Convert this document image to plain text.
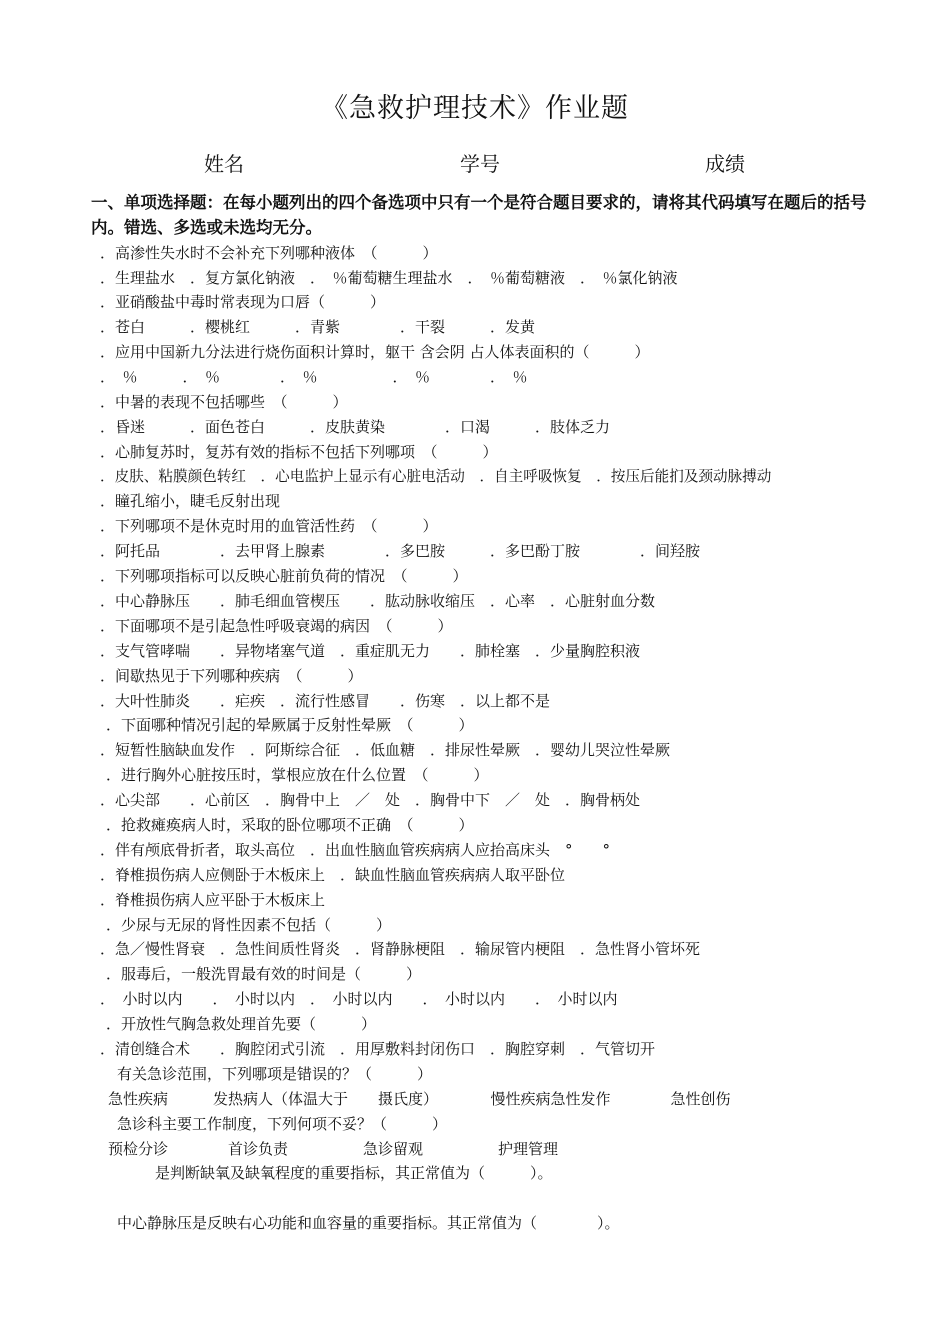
《急救护理技术》作业题
姓名	学号	成绩
一、单项选择题：在每小题列出的四个备选项中只有一个是符合题目要求的，请将其代码填写在题后的括号内。错选、多选或未选均无分。
．高渗性失水时不会补充下列哪种液体　（　　　）
．生理盐水　．复方氯化钠液　．　％葡萄糖生理盐水　．　％葡萄糖液　．　％氯化钠液
．亚硝酸盐中毒时常表现为口唇（　　　）
．苍白　　　．樱桃红　　　．青紫　　　　．干裂　　　．发黄
．应用中国新九分法进行烧伤面积计算时，躯干 含会阴 占人体表面积的（　　　）
．　％　　　．　％　　　　．　％　　　　　．　％　　　　．　％
．中暑的表现不包括哪些　（　　　）
．昏迷　　　．面色苍白　　　．皮肤黄染　　　　．口渴　　　．肢体乏力
．心肺复苏时，复苏有效的指标不包括下列哪项　（　　　）
．皮肤、粘膜颜色转红　．心电监护上显示有心脏电活动　．自主呼吸恢复　．按压后能扪及颈动脉搏动
．瞳孔缩小，睫毛反射出现
．下列哪项不是休克时用的血管活性药　（　　　）
．阿托品　　　　．去甲肾上腺素　　　　．多巴胺　　　．多巴酚丁胺　　　　．间羟胺
．下列哪项指标可以反映心脏前负荷的情况　（　　　）
．中心静脉压　　．肺毛细血管楔压　　．肱动脉收缩压　．心率　．心脏射血分数
．下面哪项不是引起急性呼吸衰竭的病因　（　　　）
．支气管哮喘　　．异物堵塞气道　．重症肌无力　　．肺栓塞　．少量胸腔积液
．间歇热见于下列哪种疾病　（　　　）
．大叶性肺炎　　．疟疾　．流行性感冒　　．伤寒　．以上都不是
．下面哪种情况引起的晕厥属于反射性晕厥　（　　　）
．短暂性脑缺血发作　．阿斯综合征　．低血糖　．排尿性晕厥　．婴幼儿哭泣性晕厥
．进行胸外心脏按压时，掌根应放在什么位置　（　　　）
．心尖部　　．心前区　．胸骨中上　／　处　．胸骨中下　／　处　．胸骨柄处
．抢救瘫痪病人时，采取的卧位哪项不正确　（　　　）
．伴有颅底骨折者，取头高位　．出血性脑血管疾病病人应抬高床头　°　　°
．脊椎损伤病人应侧卧于木板床上　．缺血性脑血管疾病病人取平卧位
．脊椎损伤病人应平卧于木板床上
．少尿与无尿的肾性因素不包括（　　　）
．急／慢性肾衰　．急性间质性肾炎　．肾静脉梗阻　．输尿管内梗阻　．急性肾小管坏死
．服毒后，一般洗胃最有效的时间是（　　　）
．　小时以内　　．　小时以内　．　小时以内　　．　小时以内　　．　小时以内
．开放性气胸急救处理首先要（　　　）
．清创缝合术　　．胸腔闭式引流　．用厚敷料封闭伤口　．胸腔穿刺　．气管切开
有关急诊范围，下列哪项是错误的？（　　　）
急性疾病　　　发热病人（体温大于　　摄氏度）　　　　慢性疾病急性发作　　　　急性创伤
急诊科主要工作制度，下列何项不妥？（　　　）
预检分诊　　　　首诊负责　　　　　急诊留观　　　　　护理管理
是判断缺氧及缺氧程度的重要指标，其正常值为（　　　）。
中心静脉压是反映右心功能和血容量的重要指标。其正常值为（　　　　）。
